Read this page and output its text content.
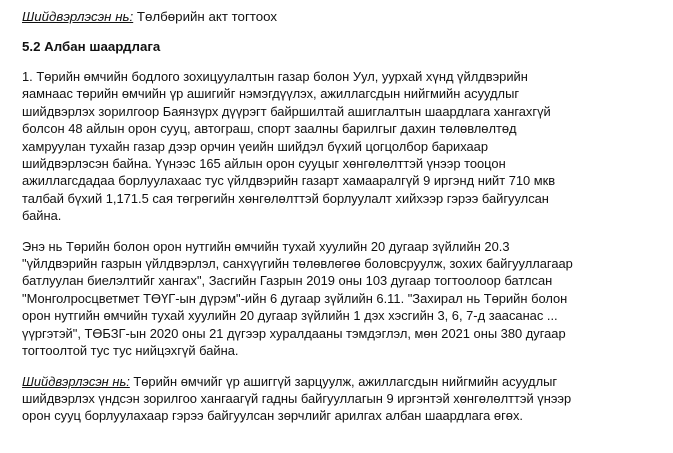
Шийдвэрлэсэн нь: Төлбөрийн акт тогтоох

5.2 Албан шаардлага

1. Төрийн өмчийн бодлого зохицуулалтын газар болон Уул, уурхай хүнд үйлдвэрийн
яамнаас төрийн өмчийн үр ашигийг нэмэгдүүлэх, ажиллагсдын нийгмийн асуудлыг
шийдвэрлэх зорилгоор Баянзүрх дүүрэгт байршилтай ашиглалтын шаардлага хангахгүй
болсон 48 айлын орон сууц, автограш, спорт заалны барилгыг дахин төлөвлөлтөд
хамруулан тухайн газар дээр орчин үеийн шийдэл бүхий цогцолбор барихаар
шийдвэрлэсэн байна. Үүнээс 165 айлын орон сууцыг хөнгөлөлттэй үнээр тооцон
ажиллагсдадаа борлуулахаас тус үйлдвэрийн газарт хамааралгүй 9 иргэнд нийт 710 мкв
талбай бүхий 1,171.5 сая төгрөгийн хөнгөлөлттэй борлуулалт хийхээр гэрээ байгуулсан
байна.

Энэ нь Төрийн болон орон нутгийн өмчийн тухай хуулийн 20 дугаар зүйлийн 20.3
"үйлдвэрийн газрын үйлдвэрлэл, санхүүгийн төлөвлөгөө боловсруулж, зохих байгууллагаар
батлуулан биелэлтийг хангах", Засгийн Газрын 2019 оны 103 дугаар тогтоолоор батлсан
"Монголросцветмет ТӨҮГ-ын дүрэм"-ийн 6 дугаар зүйлийн 6.11. "Захирал нь Төрийн болон
орон нутгийн өмчийн тухай хуулийн 20 дугаар зүйлийн 1 дэх хэсгийн 3, 6, 7-д заасанас ...
үүргэтэй", ТӨБЗГ-ын 2020 оны 21 дүгээр хуралдааны тэмдэглэл, мөн 2021 оны 380 дугаар
тогтоолтой тус тус нийцэхгүй байна.

Шийдвэрлэсэн нь: Төрийн өмчийг үр ашиггүй зарцуулж, ажиллагсдын нийгмийн асуудлыг
шийдвэрлэх үндсэн зорилгоо хангаагүй гадны байгууллагын 9 иргэнтэй хөнгөлөлттэй үнээр
орон сууц борлуулахаар гэрээ байгуулсан зөрчлийг арилгах албан шаардлага өгөх.
